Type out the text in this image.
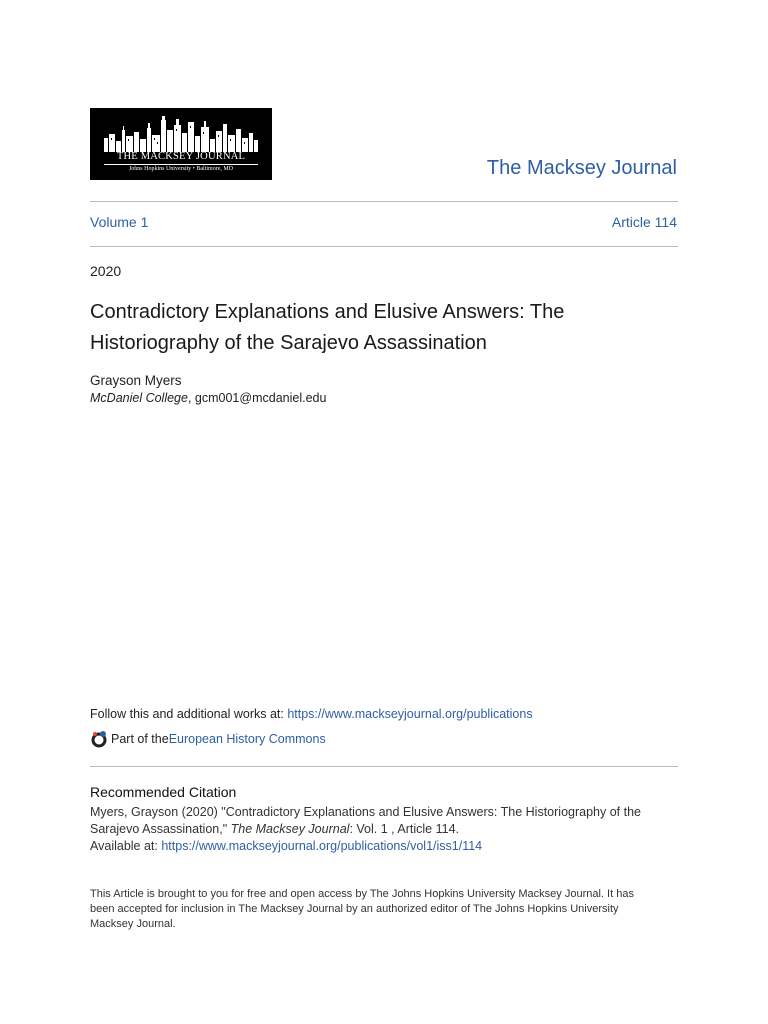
THE MACKSEY JOURNAL
Johns Hopkins University • Baltimore, MD	The Macksey Journal
Volume 1	Article 114
2020
Contradictory Explanations and Elusive Answers: The Historiography of the Sarajevo Assassination
Grayson Myers
McDaniel College, gcm001@mcdaniel.edu
Follow this and additional works at: https://www.mackseyjournal.org/publications
Part of the European History Commons
Recommended Citation
Myers, Grayson (2020) "Contradictory Explanations and Elusive Answers: The Historiography of the Sarajevo Assassination," The Macksey Journal: Vol. 1 , Article 114.
Available at: https://www.mackseyjournal.org/publications/vol1/iss1/114
This Article is brought to you for free and open access by The Johns Hopkins University Macksey Journal. It has been accepted for inclusion in The Macksey Journal by an authorized editor of The Johns Hopkins University Macksey Journal.
